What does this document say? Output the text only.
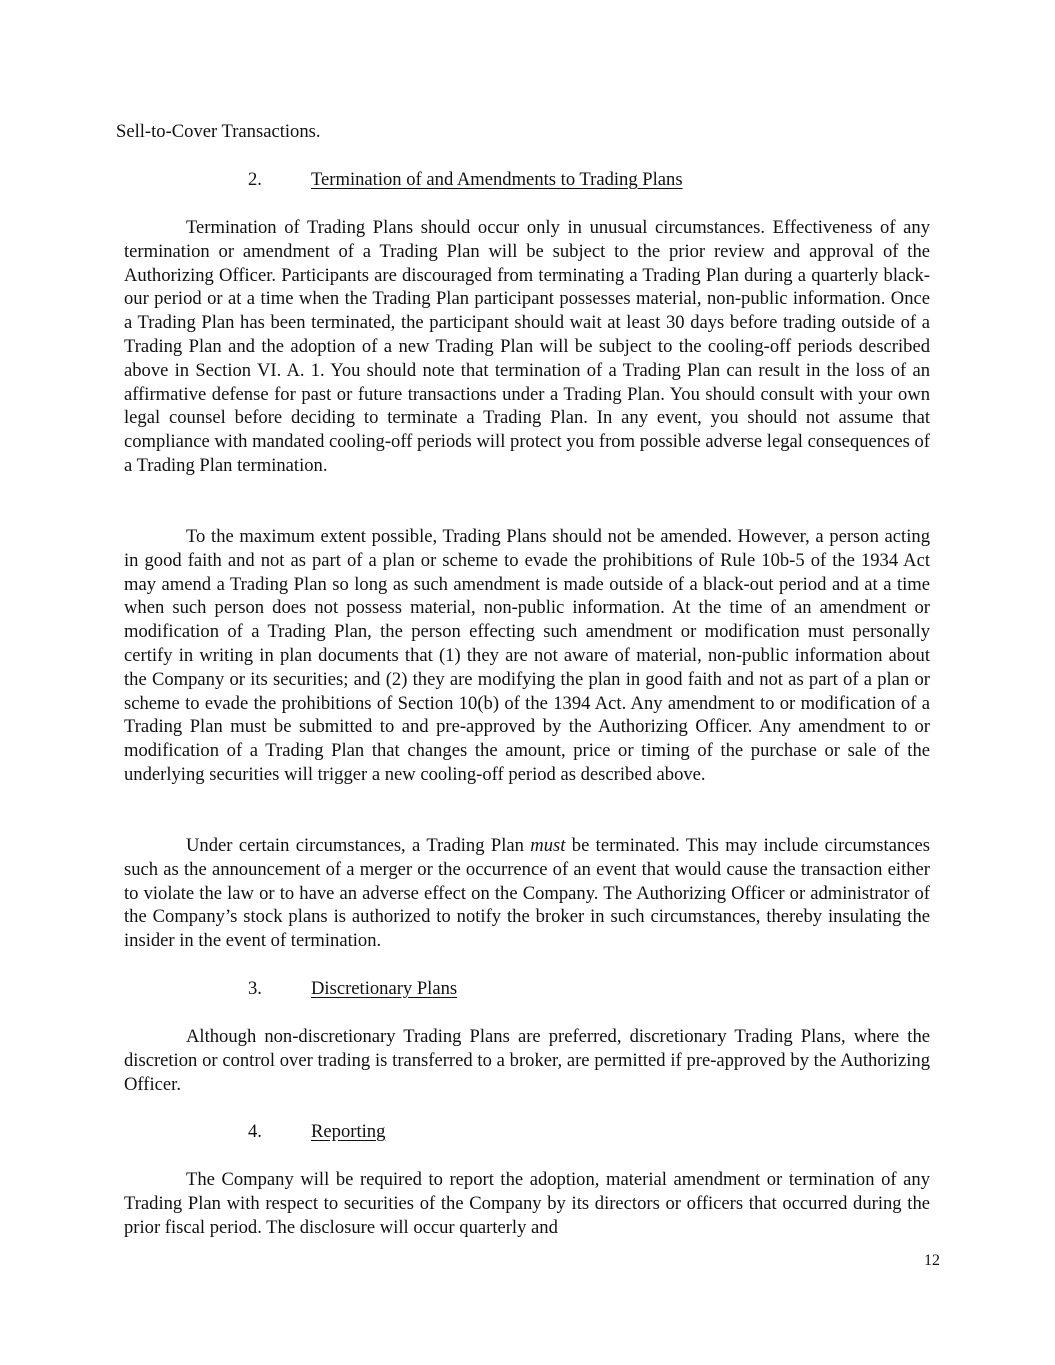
Sell-to-Cover Transactions.

2.	Termination of and Amendments to Trading Plans

Termination of Trading Plans should occur only in unusual circumstances. Effectiveness of any termination or amendment of a Trading Plan will be subject to the prior review and approval of the Authorizing Officer. Participants are discouraged from terminating a Trading Plan during a quarterly black-our period or at a time when the Trading Plan participant possesses material, non-public information. Once a Trading Plan has been terminated, the participant should wait at least 30 days before trading outside of a Trading Plan and the adoption of a new Trading Plan will be subject to the cooling-off periods described above in Section VI. A. 1. You should note that termination of a Trading Plan can result in the loss of an affirmative defense for past or future transactions under a Trading Plan. You should consult with your own legal counsel before deciding to terminate a Trading Plan. In any event, you should not assume that compliance with mandated cooling-off periods will protect you from possible adverse legal consequences of a Trading Plan termination.

To the maximum extent possible, Trading Plans should not be amended. However, a person acting in good faith and not as part of a plan or scheme to evade the prohibitions of Rule 10b-5 of the 1934 Act may amend a Trading Plan so long as such amendment is made outside of a black-out period and at a time when such person does not possess material, non-public information. At the time of an amendment or modification of a Trading Plan, the person effecting such amendment or modification must personally certify in writing in plan documents that (1) they are not aware of material, non-public information about the Company or its securities; and (2) they are modifying the plan in good faith and not as part of a plan or scheme to evade the prohibitions of Section 10(b) of the 1394 Act. Any amendment to or modification of a Trading Plan must be submitted to and pre-approved by the Authorizing Officer. Any amendment to or modification of a Trading Plan that changes the amount, price or timing of the purchase or sale of the underlying securities will trigger a new cooling-off period as described above.

Under certain circumstances, a Trading Plan must be terminated. This may include circumstances such as the announcement of a merger or the occurrence of an event that would cause the transaction either to violate the law or to have an adverse effect on the Company. The Authorizing Officer or administrator of the Company’s stock plans is authorized to notify the broker in such circumstances, thereby insulating the insider in the event of termination.

3.	Discretionary Plans

Although non-discretionary Trading Plans are preferred, discretionary Trading Plans, where the discretion or control over trading is transferred to a broker, are permitted if pre-approved by the Authorizing Officer.

4.	Reporting

The Company will be required to report the adoption, material amendment or termination of any Trading Plan with respect to securities of the Company by its directors or officers that occurred during the prior fiscal period. The disclosure will occur quarterly and

12
